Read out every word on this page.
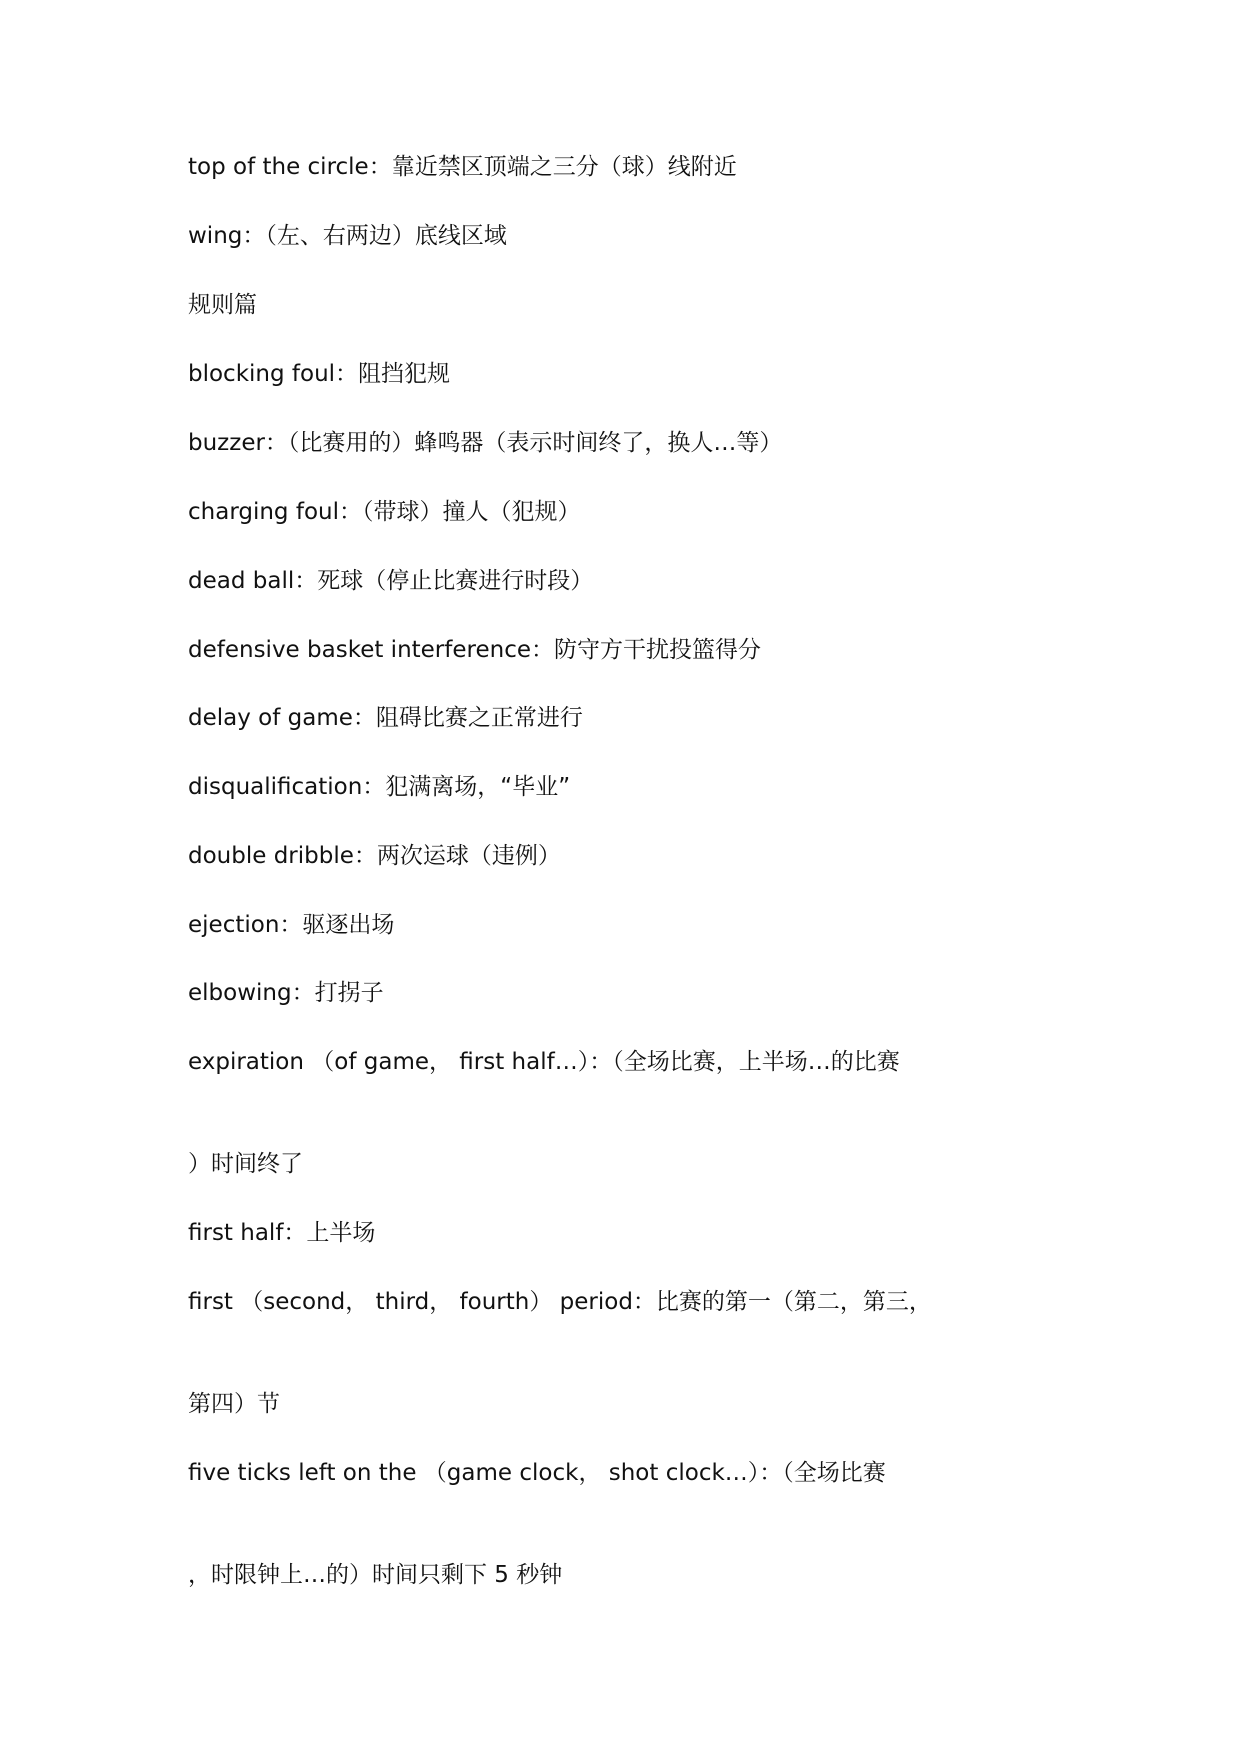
top of the circle：靠近禁区顶端之三分（球）线附近
wing：（左、右两边）底线区域
规则篇
blocking foul：阻挡犯规
buzzer：（比赛用的）蜂鸣器（表示时间终了，换人…等）
charging foul：（带球）撞人（犯规）
dead ball：死球（停止比赛进行时段）
defensive basket interference：防守方干扰投篮得分
delay of game：阻碍比赛之正常进行
disqualification：犯满离场，“毕业”
double dribble：两次运球（违例）
ejection：驱逐出场
elbowing：打拐子
expiration （of game， first half…）：（全场比赛，上半场…的比赛
）时间终了
first half：上半场
first （second， third， fourth） period：比赛的第一（第二，第三，
第四）节
five ticks left on the （game clock， shot clock…）：（全场比赛
，时限钟上…的）时间只剩下 5 秒钟
